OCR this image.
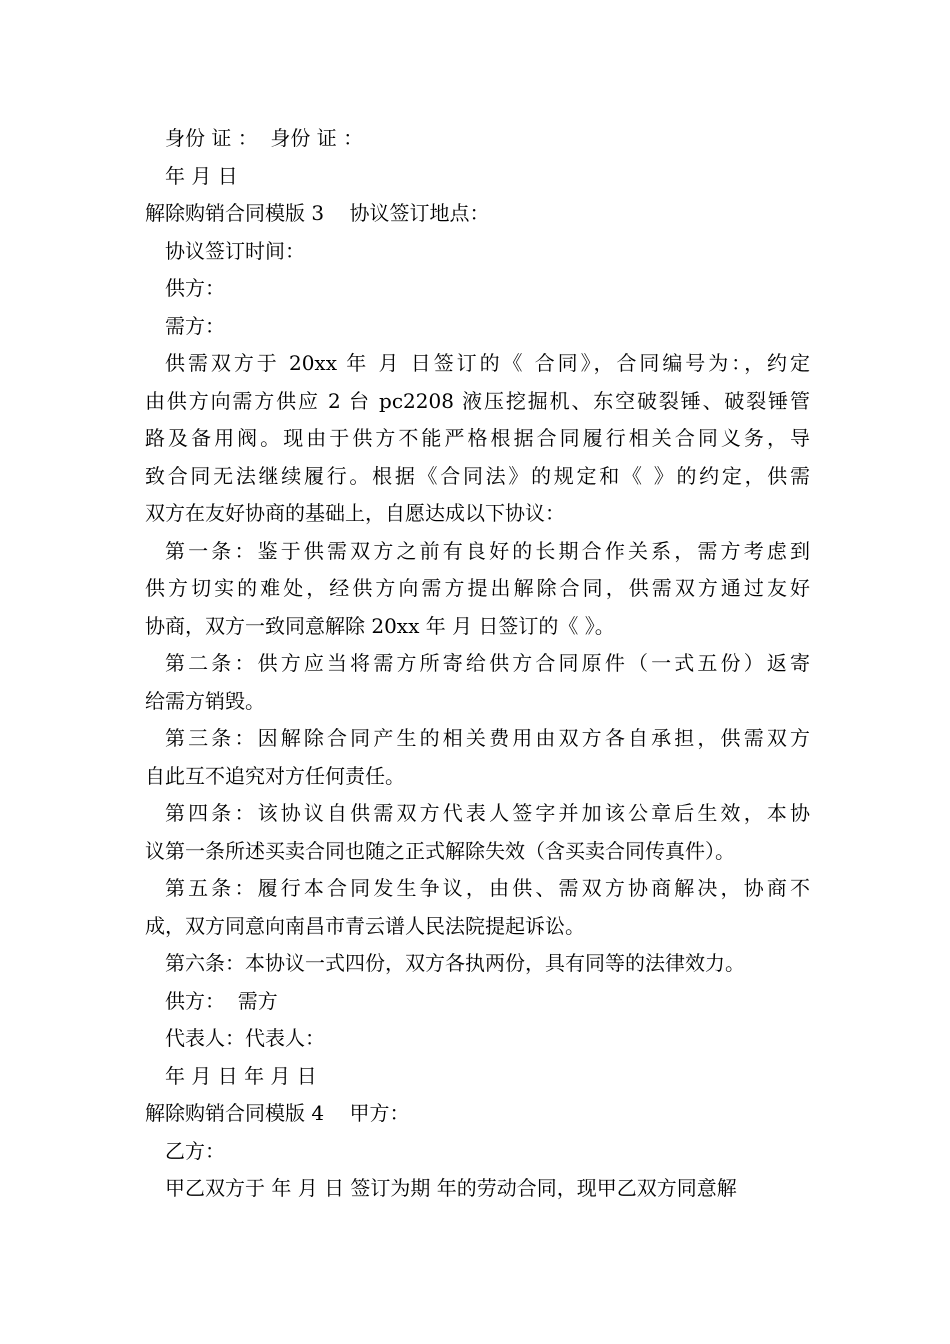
身份 证 ：  身份 证 ：
年 月 日
解除购销合同模版 3    协议签订地点：
协议签订时间：
供方：
需方：
供需双方于 20xx 年 月 日签订的《 合同》，合同编号为：，约定
由供方向需方供应 2 台 pc2208 液压挖掘机、东空破裂锤、破裂锤管
路及备用阀。现由于供方不能严格根据合同履行相关合同义务，导
致合同无法继续履行。根据《合同法》的规定和《 》的约定，供需
双方在友好协商的基础上，自愿达成以下协议：
第一条：鉴于供需双方之前有良好的长期合作关系，需方考虑到
供方切实的难处，经供方向需方提出解除合同，供需双方通过友好
协商，双方一致同意解除 20xx 年 月 日签订的《 》。
第二条：供方应当将需方所寄给供方合同原件（一式五份）返寄
给需方销毁。
第三条：因解除合同产生的相关费用由双方各自承担，供需双方
自此互不追究对方任何责任。
第四条：该协议自供需双方代表人签字并加该公章后生效，本协
议第一条所述买卖合同也随之正式解除失效（含买卖合同传真件）。
第五条：履行本合同发生争议，由供、需双方协商解决，协商不
成，双方同意向南昌市青云谱人民法院提起诉讼。
第六条：本协议一式四份，双方各执两份，具有同等的法律效力。
供方：  需方
代表人：代表人：
年 月 日 年 月 日
解除购销合同模版 4    甲方：
乙方：
甲乙双方于 年 月 日 签订为期 年的劳动合同，现甲乙双方同意解
